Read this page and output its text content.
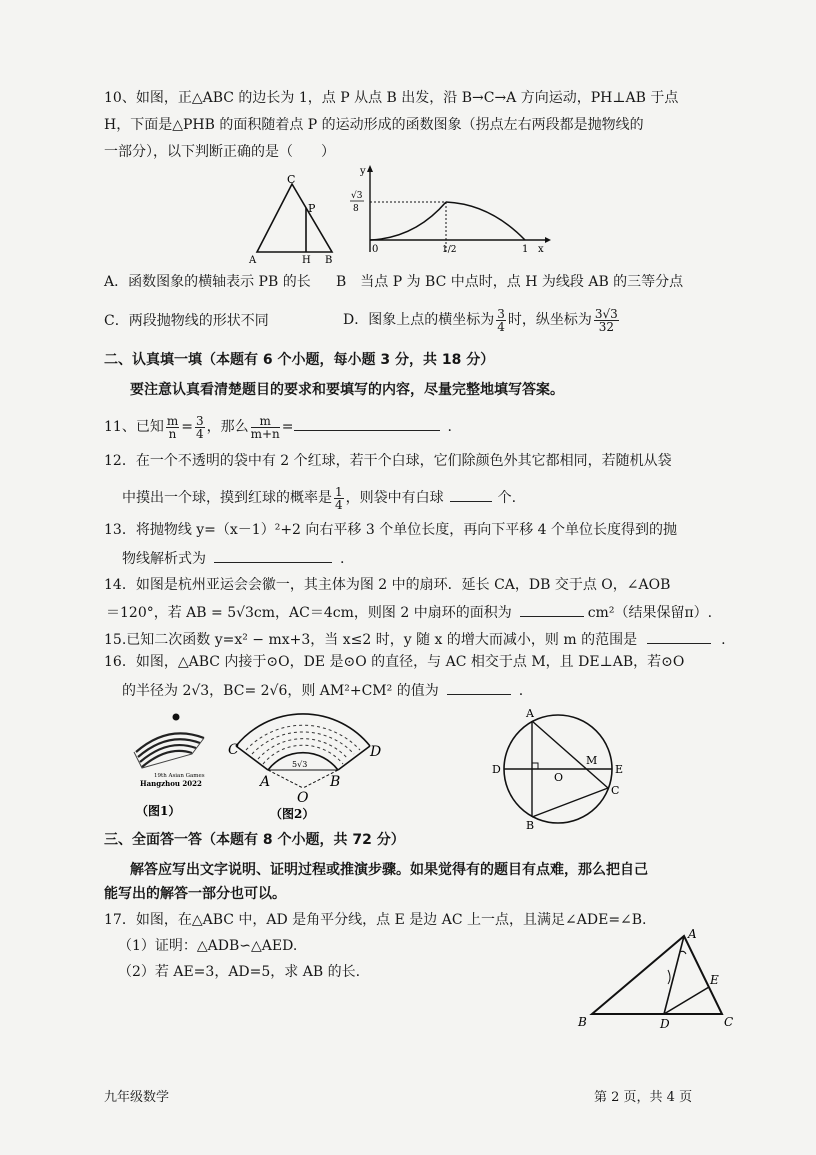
10、如图，正△ABC 的边长为 1，点 P 从点 B 出发，沿 B→C→A 方向运动，PH⊥AB 于点
H，下面是△PHB 的面积随着点 P 的运动形成的函数图象（拐点左右两段都是抛物线的
一部分），以下判断正确的是（　　）
C
P
A	H B
y
√3
8
0	1/2	1 x
A．函数图象的横轴表示 PB 的长 B　当点 P 为 BC 中点时，点 H 为线段 AB 的三等分点
C．两段抛物线的形状不同	D．图象上点的横坐标为 $\frac{3}{4}$ 时，纵坐标为 $\frac{3√3}{32}$
二、认真填一填（本题有 6 个小题，每小题 3 分，共 18 分）
要注意认真看清楚题目的要求和要填写的内容，尽量完整地填写答案。
11、已知 $\frac{m}{n} = \frac{3}{4}$ ，那么 $\frac{m}{m+n}$ =	.
12．在一个不透明的袋中有 2 个红球，若干个白球，它们除颜色外其它都相同，若随机从袋
中摸出一个球，摸到红球的概率是 $\frac{1}{4}$ ，则袋中有白球	个.
13．将抛物线 y=（x－1）²+2 向右平移 3 个单位长度，再向下平移 4 个单位长度得到的抛
物线解析式为	.
14．如图是杭州亚运会会徽一，其主体为图 2 中的扇环．延长 CA，DB 交于点 O，∠AOB
＝120°，若 AB = 5√3cm，AC＝4cm，则图 2 中扇环的面积为	cm²（结果保留π）.
15.已知二次函数 y=x² − mx+3，当 x≤2 时，y 随 x 的增大而减小，则 m 的范围是	.
16．如图，△ABC 内接于⊙O，DE 是⊙O 的直径，与 AC 相交于点 M，且 DE⊥AB，若⊙O
的半径为 2√3，BC= 2√6，则 AM²+CM² 的值为	.
19th Asian Games
Hangzhou 2022
（图1）
C
A
D
B
O
5√3
（图2）
A
D
O
M
E
C
B
三、全面答一答（本题有 8 个小题，共 72 分）
解答应写出文字说明、证明过程或推演步骤。如果觉得有的题目有点难，那么把自己
能写出的解答一部分也可以。
17．如图，在△ABC 中，AD 是角平分线，点 E 是边 AC 上一点，且满足∠ADE=∠B.
（1）证明：△ADB∽△AED.
（2）若 AE=3，AD=5，求 AB 的长.
A
E
B	D	C
九年级数学	第 2 页，共 4 页
